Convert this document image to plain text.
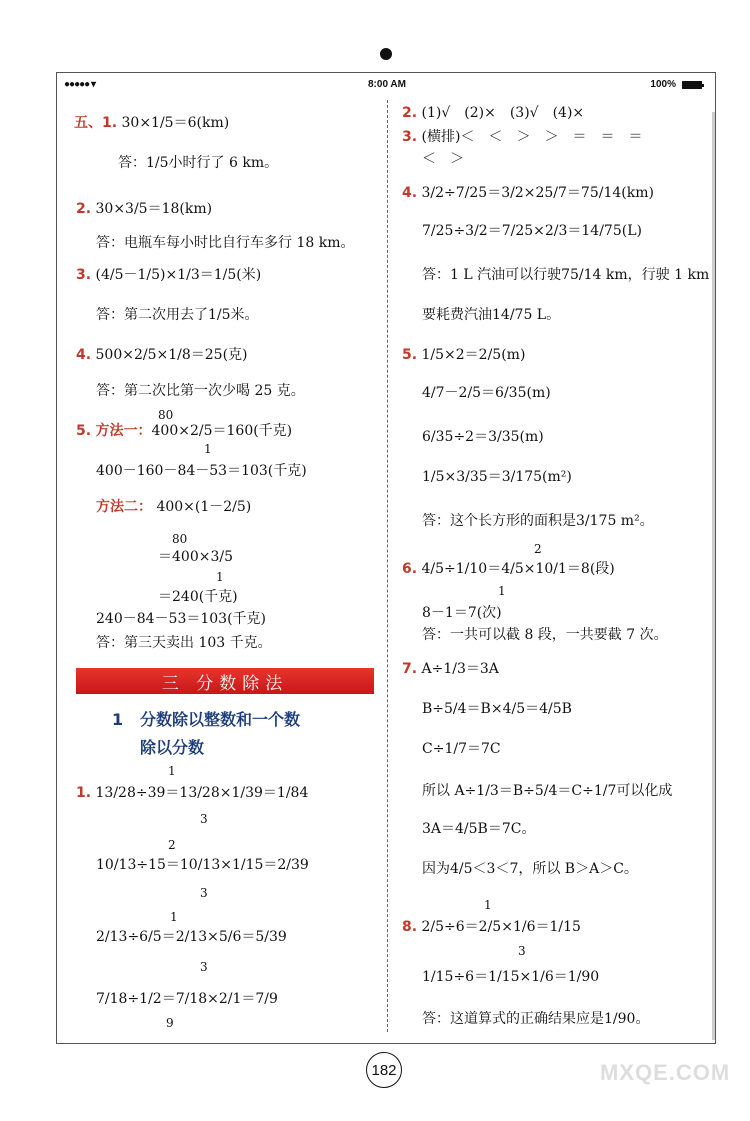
●●●●● ▾	8:00 AM	100%
五、1. 30×1/5＝6(km)
答：1/5小时行了 6 km。
2. 30×3/5＝18(km)
答：电瓶车每小时比自行车多行 18 km。
3. (4/5－1/5)×1/3＝1/5(米)
答：第二次用去了1/5米。
4. 500×2/5×1/8＝25(克)
答：第二次比第一次少喝 25 克。
80
5. 方法一：400×2/5＝160(千克)
1
400－160－84－53＝103(千克)
方法二： 400×(1－2/5)
80
＝400×3/5
1
＝240(千克)
240－84－53＝103(千克)
答：第三天卖出 103 千克。
三 分数除法
1 分数除以整数和一个数
除以分数
1
1. 13/28÷39＝13/28×1/39＝1/84
3
2
10/13÷15＝10/13×1/15＝2/39
3
1
2/13÷6/5＝2/13×5/6＝5/39
3
7/18÷1/2＝7/18×2/1＝7/9
9
2. (1)√　(2)×　(3)√　(4)×
3. (横排)＜　＜　＞　＞　＝　＝　＝
＜　＞
4. 3/2÷7/25＝3/2×25/7＝75/14(km)
7/25÷3/2＝7/25×2/3＝14/75(L)
答：1 L 汽油可以行驶75/14 km，行驶 1 km
要耗费汽油14/75 L。
5. 1/5×2＝2/5(m)
4/7－2/5＝6/35(m)
6/35÷2＝3/35(m)
1/5×3/35＝3/175(m²)
答：这个长方形的面积是3/175 m²。
2
6. 4/5÷1/10＝4/5×10/1＝8(段)
1
8－1＝7(次)
答：一共可以截 8 段，一共要截 7 次。
7. A÷1/3＝3A
B÷5/4＝B×4/5＝4/5B
C÷1/7＝7C
所以 A÷1/3＝B÷5/4＝C÷1/7可以化成
3A＝4/5B＝7C。
因为4/5＜3＜7，所以 B＞A＞C。
1
8. 2/5÷6＝2/5×1/6＝1/15
3
1/15÷6＝1/15×1/6＝1/90
答：这道算式的正确结果应是1/90。
182	MXQE.COM
